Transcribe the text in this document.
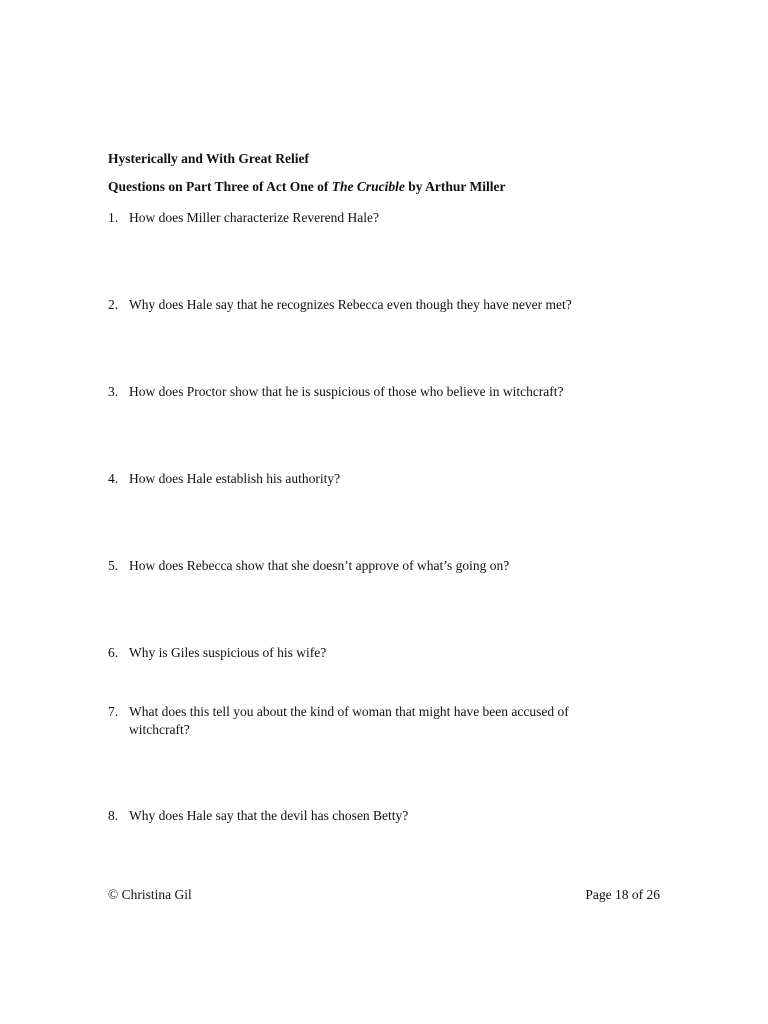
Hysterically and With Great Relief

Questions on Part Three of Act One of The Crucible by Arthur Miller

1. How does Miller characterize Reverend Hale?
2. Why does Hale say that he recognizes Rebecca even though they have never met?
3. How does Proctor show that he is suspicious of those who believe in witchcraft?
4. How does Hale establish his authority?
5. How does Rebecca show that she doesn’t approve of what’s going on?
6. Why is Giles suspicious of his wife?
7. What does this tell you about the kind of woman that might have been accused of witchcraft?
8. Why does Hale say that the devil has chosen Betty?
© Christina Gil	Page 18 of 26
